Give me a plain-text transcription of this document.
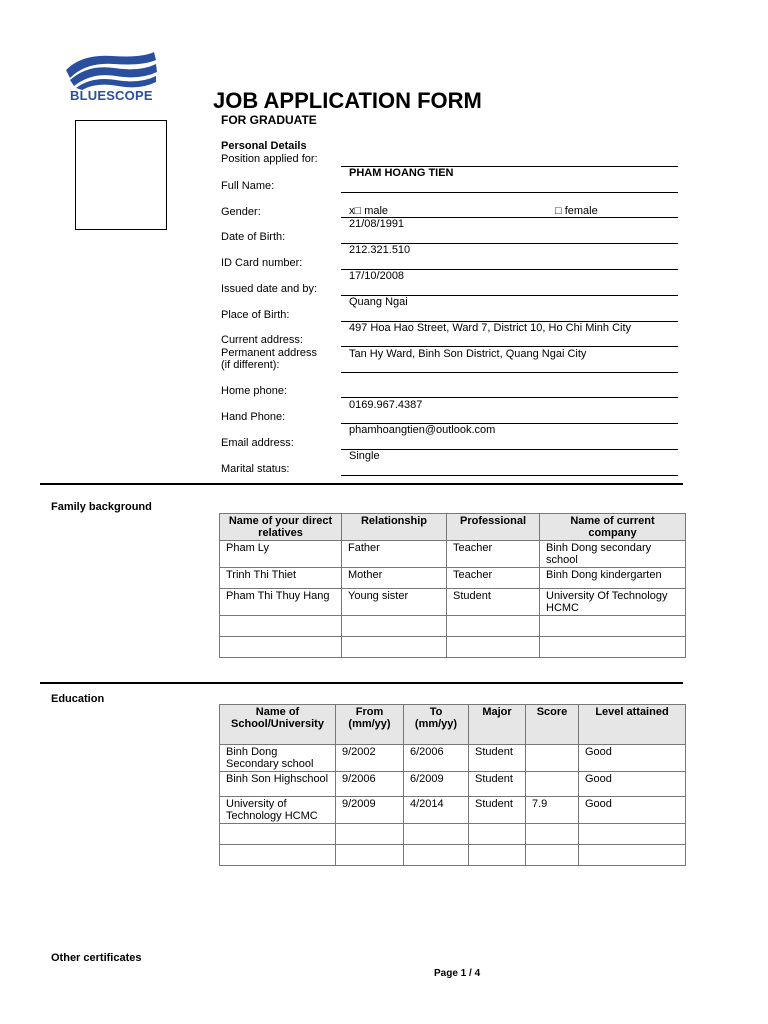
BLUESCOPE	JOB APPLICATION FORM
FOR GRADUATE
Personal Details
Position applied for:
Full Name:
PHAM HOANG TIEN
Gender:	x□ male	□ female
Date of Birth:
21/08/1991
ID Card number:
212.321.510
Issued date and by:
17/10/2008
Place of Birth:
Quang Ngai
Current address:
497 Hoa Hao Street, Ward 7, District 10, Ho Chi Minh City
Permanent address
(if different):
Tan Hy Ward, Binh Son District, Quang Ngai City
Home phone:
Hand Phone:
0169.967.4387
Email address:
phamhoangtien@outlook.com
Marital status:
Single
Family background
Name of your direct relatives	Relationship	Professional	Name of current company
Pham Ly	Father	Teacher	Binh Dong secondary school
Trinh Thi Thiet	Mother	Teacher	Binh Dong kindergarten
Pham Thi Thuy Hang	Young sister	Student	University Of Technology HCMC

Education
Name of School/University	From (mm/yy)	To (mm/yy)	Major	Score	Level attained
Binh Dong Secondary school	9/2002	6/2006	Student		Good
Binh Son Highschool	9/2006	6/2009	Student		Good
University of Technology HCMC	9/2009	4/2014	Student	7.9	Good

Other certificates
Page 1 / 4
